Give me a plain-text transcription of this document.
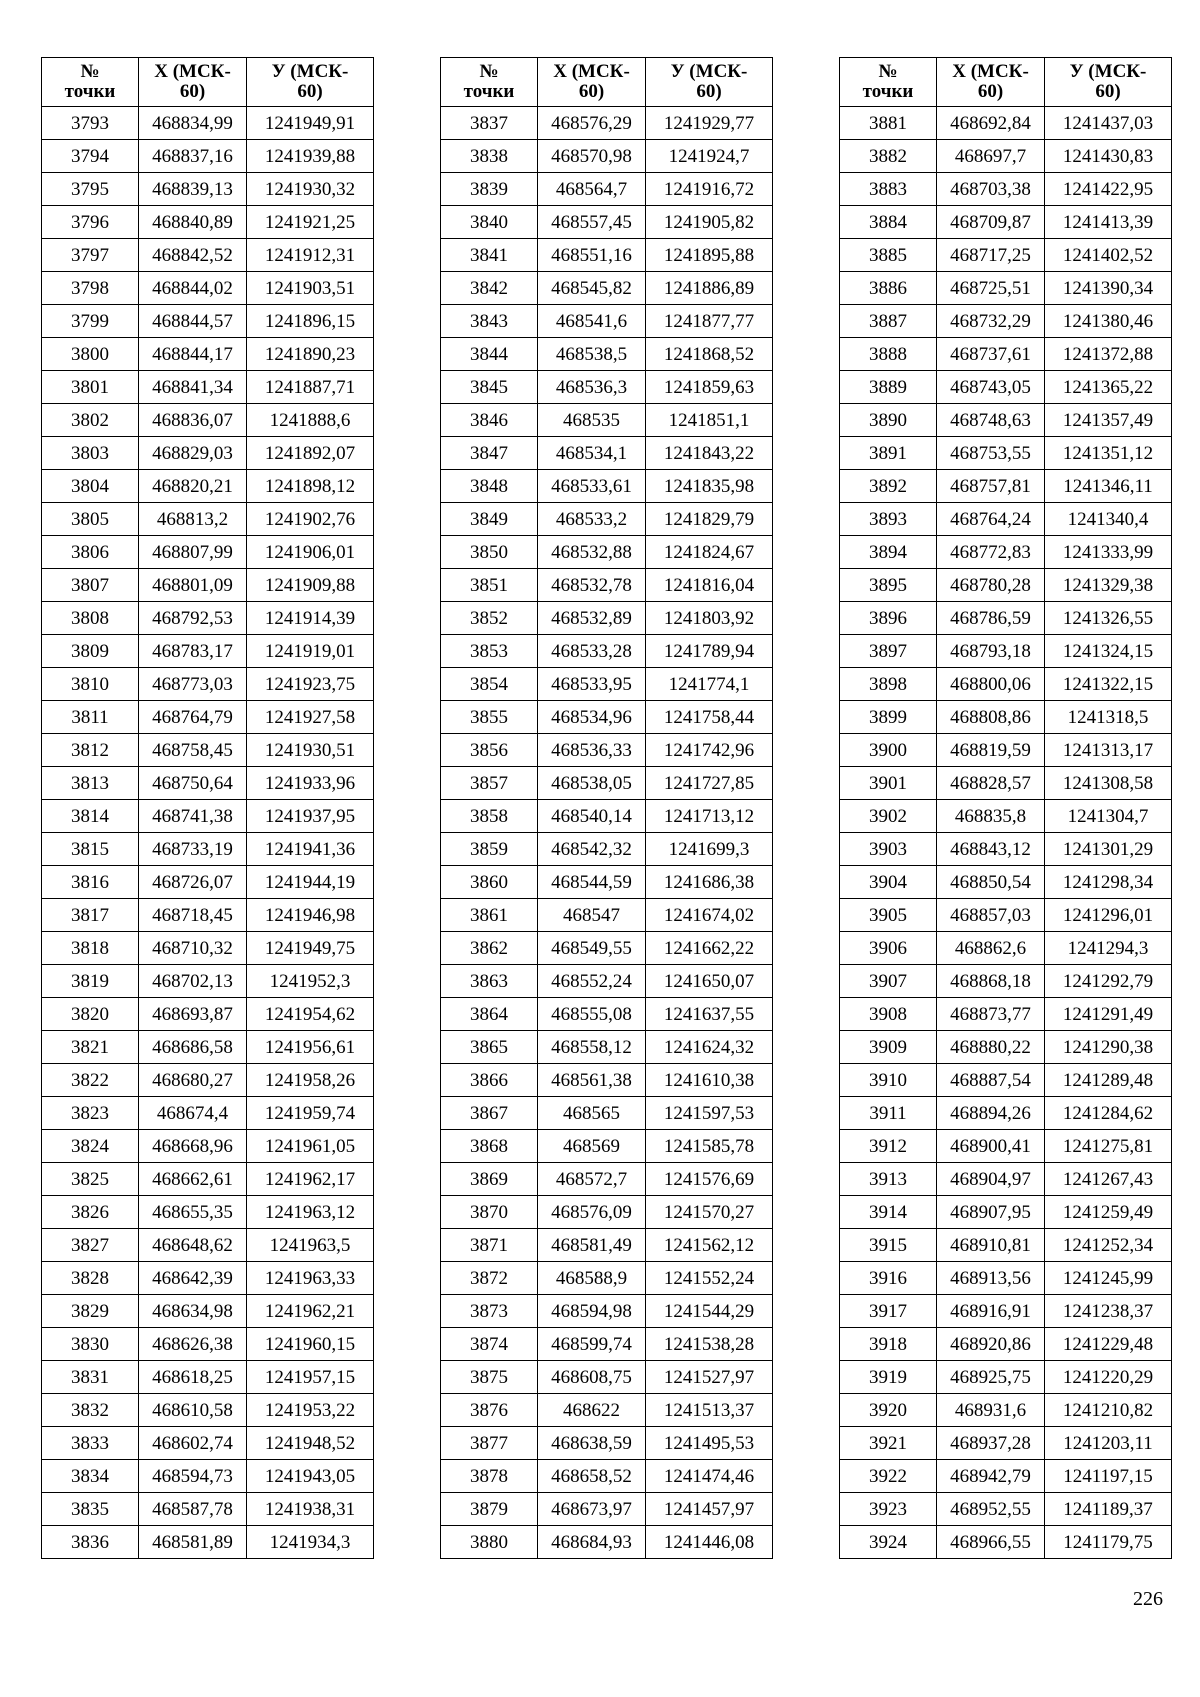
№
точки	X (МСК-
60)	У (МСК-
60)
3793	468834,99	1241949,91
3794	468837,16	1241939,88
3795	468839,13	1241930,32
3796	468840,89	1241921,25
3797	468842,52	1241912,31
3798	468844,02	1241903,51
3799	468844,57	1241896,15
3800	468844,17	1241890,23
3801	468841,34	1241887,71
3802	468836,07	1241888,6
3803	468829,03	1241892,07
3804	468820,21	1241898,12
3805	468813,2	1241902,76
3806	468807,99	1241906,01
3807	468801,09	1241909,88
3808	468792,53	1241914,39
3809	468783,17	1241919,01
3810	468773,03	1241923,75
3811	468764,79	1241927,58
3812	468758,45	1241930,51
3813	468750,64	1241933,96
3814	468741,38	1241937,95
3815	468733,19	1241941,36
3816	468726,07	1241944,19
3817	468718,45	1241946,98
3818	468710,32	1241949,75
3819	468702,13	1241952,3
3820	468693,87	1241954,62
3821	468686,58	1241956,61
3822	468680,27	1241958,26
3823	468674,4	1241959,74
3824	468668,96	1241961,05
3825	468662,61	1241962,17
3826	468655,35	1241963,12
3827	468648,62	1241963,5
3828	468642,39	1241963,33
3829	468634,98	1241962,21
3830	468626,38	1241960,15
3831	468618,25	1241957,15
3832	468610,58	1241953,22
3833	468602,74	1241948,52
3834	468594,73	1241943,05
3835	468587,78	1241938,31
3836	468581,89	1241934,3
№
точки	X (МСК-
60)	У (МСК-
60)
3837	468576,29	1241929,77
3838	468570,98	1241924,7
3839	468564,7	1241916,72
3840	468557,45	1241905,82
3841	468551,16	1241895,88
3842	468545,82	1241886,89
3843	468541,6	1241877,77
3844	468538,5	1241868,52
3845	468536,3	1241859,63
3846	468535	1241851,1
3847	468534,1	1241843,22
3848	468533,61	1241835,98
3849	468533,2	1241829,79
3850	468532,88	1241824,67
3851	468532,78	1241816,04
3852	468532,89	1241803,92
3853	468533,28	1241789,94
3854	468533,95	1241774,1
3855	468534,96	1241758,44
3856	468536,33	1241742,96
3857	468538,05	1241727,85
3858	468540,14	1241713,12
3859	468542,32	1241699,3
3860	468544,59	1241686,38
3861	468547	1241674,02
3862	468549,55	1241662,22
3863	468552,24	1241650,07
3864	468555,08	1241637,55
3865	468558,12	1241624,32
3866	468561,38	1241610,38
3867	468565	1241597,53
3868	468569	1241585,78
3869	468572,7	1241576,69
3870	468576,09	1241570,27
3871	468581,49	1241562,12
3872	468588,9	1241552,24
3873	468594,98	1241544,29
3874	468599,74	1241538,28
3875	468608,75	1241527,97
3876	468622	1241513,37
3877	468638,59	1241495,53
3878	468658,52	1241474,46
3879	468673,97	1241457,97
3880	468684,93	1241446,08
№
точки	X (МСК-
60)	У (МСК-
60)
3881	468692,84	1241437,03
3882	468697,7	1241430,83
3883	468703,38	1241422,95
3884	468709,87	1241413,39
3885	468717,25	1241402,52
3886	468725,51	1241390,34
3887	468732,29	1241380,46
3888	468737,61	1241372,88
3889	468743,05	1241365,22
3890	468748,63	1241357,49
3891	468753,55	1241351,12
3892	468757,81	1241346,11
3893	468764,24	1241340,4
3894	468772,83	1241333,99
3895	468780,28	1241329,38
3896	468786,59	1241326,55
3897	468793,18	1241324,15
3898	468800,06	1241322,15
3899	468808,86	1241318,5
3900	468819,59	1241313,17
3901	468828,57	1241308,58
3902	468835,8	1241304,7
3903	468843,12	1241301,29
3904	468850,54	1241298,34
3905	468857,03	1241296,01
3906	468862,6	1241294,3
3907	468868,18	1241292,79
3908	468873,77	1241291,49
3909	468880,22	1241290,38
3910	468887,54	1241289,48
3911	468894,26	1241284,62
3912	468900,41	1241275,81
3913	468904,97	1241267,43
3914	468907,95	1241259,49
3915	468910,81	1241252,34
3916	468913,56	1241245,99
3917	468916,91	1241238,37
3918	468920,86	1241229,48
3919	468925,75	1241220,29
3920	468931,6	1241210,82
3921	468937,28	1241203,11
3922	468942,79	1241197,15
3923	468952,55	1241189,37
3924	468966,55	1241179,75
226
